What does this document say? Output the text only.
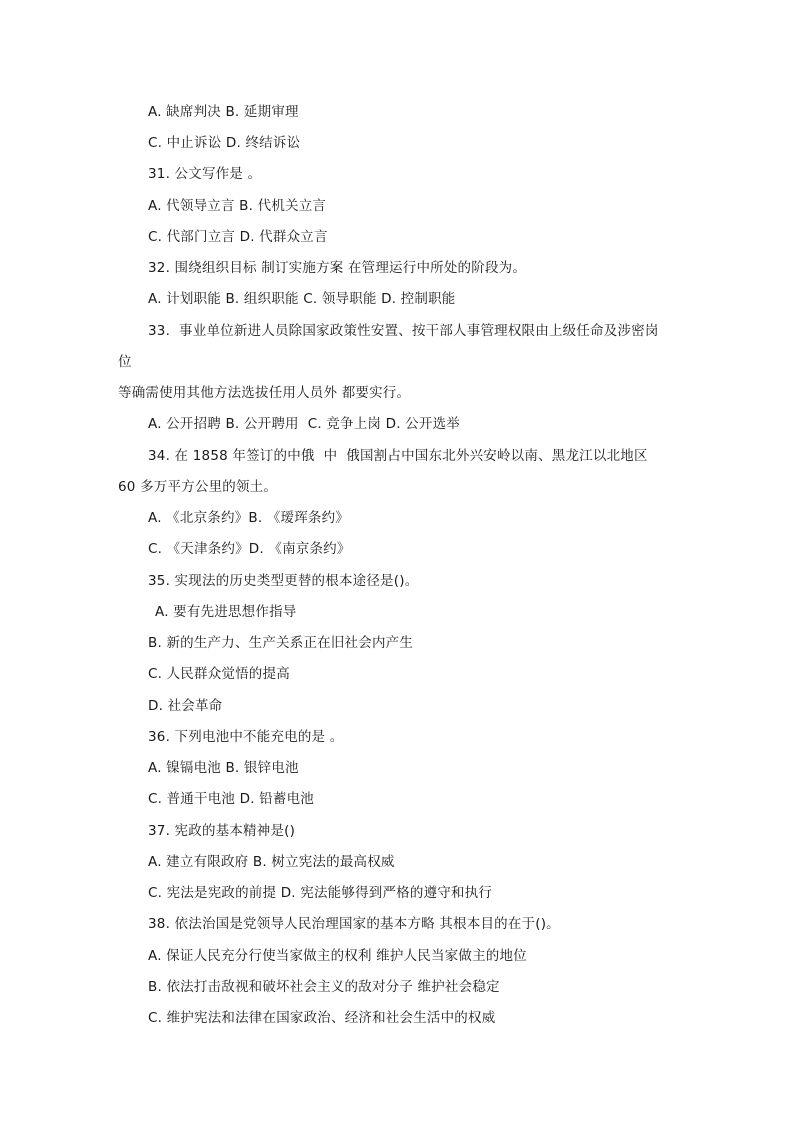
A. 缺席判决 B. 延期审理
C. 中止诉讼 D. 终结诉讼
31. 公文写作是 。
A. 代领导立言 B. 代机关立言
C. 代部门立言 D. 代群众立言
32. 围绕组织目标 制订实施方案 在管理运行中所处的阶段为。
A. 计划职能 B. 组织职能 C. 领导职能 D. 控制职能
33.  事业单位新进人员除国家政策性安置、按干部人事管理权限由上级任命及涉密岗
位
等确需使用其他方法选拔任用人员外 都要实行。
A. 公开招聘 B. 公开聘用  C. 竞争上岗 D. 公开选举
34. 在 1858 年签订的中俄  中  俄国割占中国东北外兴安岭以南、黑龙江以北地区
60 多万平方公里的领土。
A. 《北京条约》B. 《瑷珲条约》
C. 《天津条约》D. 《南京条约》
35. 实现法的历史类型更替的根本途径是()。
A. 要有先进思想作指导
B. 新的生产力、生产关系正在旧社会内产生
C. 人民群众觉悟的提高
D. 社会革命
36. 下列电池中不能充电的是 。
A. 镍镉电池 B. 银锌电池
C. 普通干电池 D. 铅蓄电池
37. 宪政的基本精神是()
A. 建立有限政府 B. 树立宪法的最高权威
C. 宪法是宪政的前提 D. 宪法能够得到严格的遵守和执行
38. 依法治国是党领导人民治理国家的基本方略 其根本目的在于()。
A. 保证人民充分行使当家做主的权利 维护人民当家做主的地位
B. 依法打击敌视和破坏社会主义的敌对分子 维护社会稳定
C. 维护宪法和法律在国家政治、经济和社会生活中的权威
